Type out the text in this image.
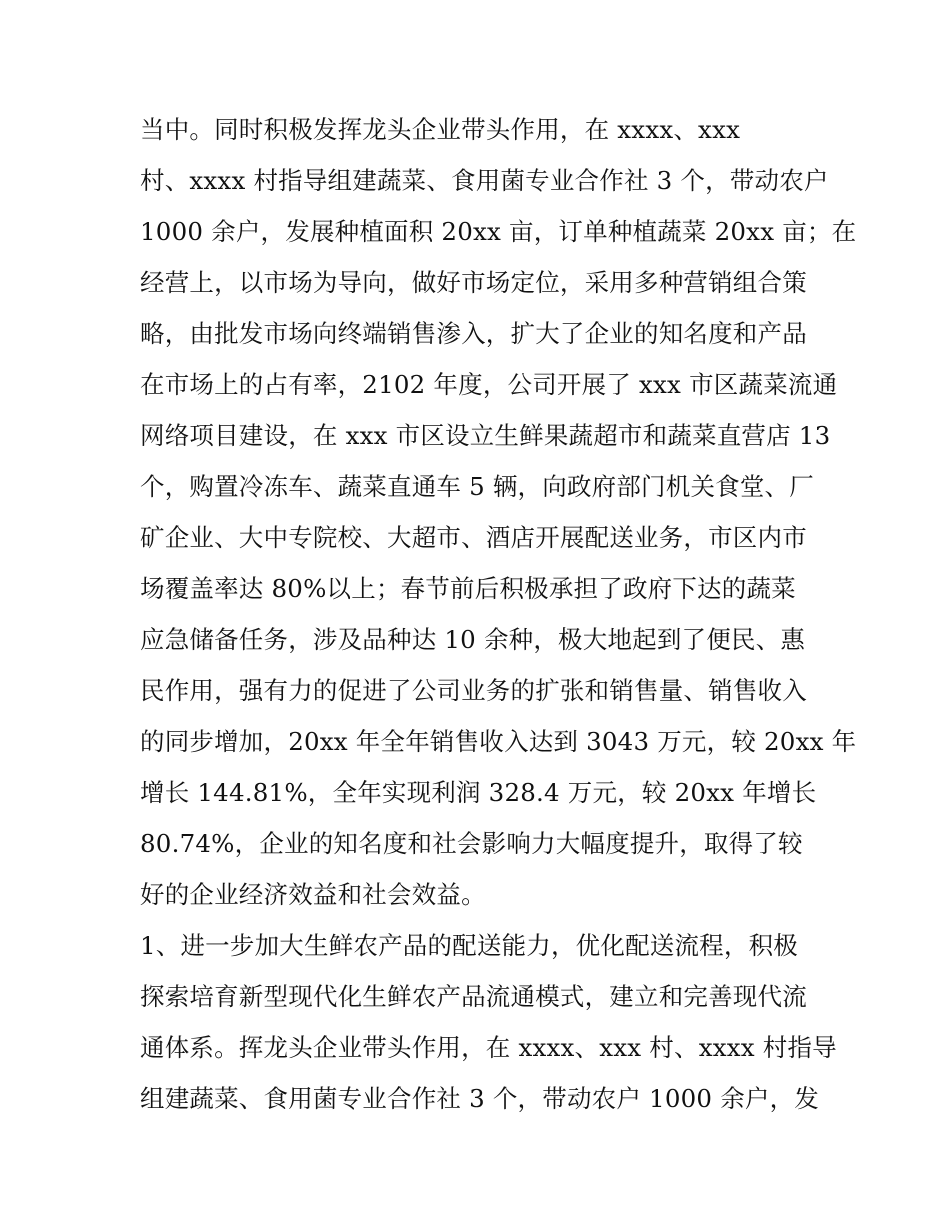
当中。同时积极发挥龙头企业带头作用，在 xxxx、xxx

村、xxxx 村指导组建蔬菜、食用菌专业合作社 3 个，带动农户

1000 余户，发展种植面积 20xx 亩，订单种植蔬菜 20xx 亩；在

经营上，以市场为导向，做好市场定位，采用多种营销组合策

略，由批发市场向终端销售渗入，扩大了企业的知名度和产品

在市场上的占有率，2102 年度，公司开展了 xxx 市区蔬菜流通

网络项目建设，在 xxx 市区设立生鲜果蔬超市和蔬菜直营店 13

个，购置冷冻车、蔬菜直通车 5 辆，向政府部门机关食堂、厂

矿企业、大中专院校、大超市、酒店开展配送业务，市区内市

场覆盖率达 80%以上；春节前后积极承担了政府下达的蔬菜

应急储备任务，涉及品种达 10 余种，极大地起到了便民、惠

民作用，强有力的促进了公司业务的扩张和销售量、销售收入

的同步增加，20xx 年全年销售收入达到 3043 万元，较 20xx 年

增长 144.81%，全年实现利润 328.4 万元，较 20xx 年增长

80.74%，企业的知名度和社会影响力大幅度提升，取得了较

好的企业经济效益和社会效益。

1、进一步加大生鲜农产品的配送能力，优化配送流程，积极

探索培育新型现代化生鲜农产品流通模式，建立和完善现代流

通体系。挥龙头企业带头作用，在 xxxx、xxx 村、xxxx 村指导

组建蔬菜、食用菌专业合作社 3 个，带动农户 1000 余户，发
